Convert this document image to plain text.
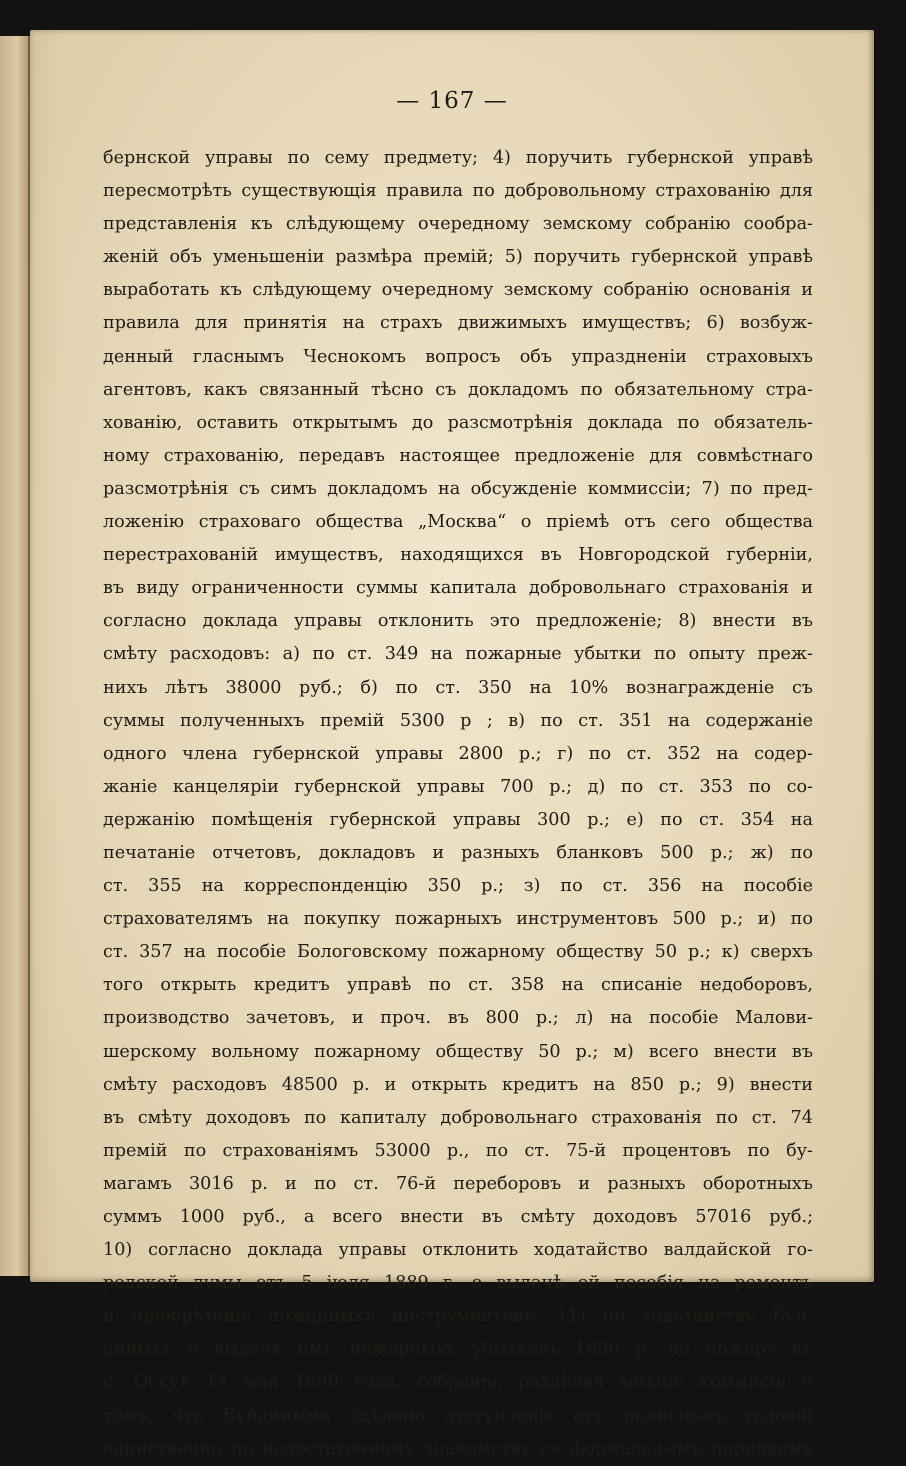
— 167 —

бернской управы по сему предмету; 4) поручить губернской управѣ
пересмотрѣть существующія правила по добровольному страхованію для
представленія къ слѣдующему очередному земскому собранію сообра-
женій объ уменьшеніи размѣра премій; 5) поручить губернской управѣ
выработать къ слѣдующему очередному земскому собранію основанія и
правила для принятія на страхъ движимыхъ имуществъ; 6) возбуж-
денный гласнымъ Чеснокомъ вопросъ объ упраздненіи страховыхъ
агентовъ, какъ связанный тѣсно съ докладомъ по обязательному стра-
хованію, оставить открытымъ до разсмотрѣнія доклада по обязатель-
ному страхованію, передавъ настоящее предложеніе для совмѣстнаго
разсмотрѣнія съ симъ докладомъ на обсужденіе коммиссіи; 7) по пред-
ложенію страховаго общества „Москва“ о пріемѣ отъ сего общества
перестрахованій имуществъ, находящихся въ Новгородской губерніи,
въ виду ограниченности суммы капитала добровольнаго страхованія и
согласно доклада управы отклонить это предложеніе; 8) внести въ
смѣту расходовъ: а) по ст. 349 на пожарные убытки по опыту преж-
нихъ лѣтъ 38000 руб.; б) по ст. 350 на 10% вознагражденіе съ
суммы полученныхъ премій 5300 р ; в) по ст. 351 на содержаніе
одного члена губернской управы 2800 р.; г) по ст. 352 на содер-
жаніе канцеляріи губернской управы 700 р.; д) по ст. 353 по со-
держанію помѣщенія губернской управы 300 р.; е) по ст. 354 на
печатаніе отчетовъ, докладовъ и разныхъ бланковъ 500 р.; ж) по
ст. 355 на корреспонденцію 350 р.; з) по ст. 356 на пособіе
страхователямъ на покупку пожарныхъ инструментовъ 500 р.; и) по
ст. 357 на пособіе Бологовскому пожарному обществу 50 р.; к) сверхъ
того открыть кредитъ управѣ по ст. 358 на списаніе недоборовъ,
производство зачетовъ, и проч. въ 800 р.; л) на пособіе Малови-
шерскому вольному пожарному обществу 50 р.; м) всего внести въ
смѣту расходовъ 48500 р. и открыть кредитъ на 850 р.; 9) внести
въ смѣту доходовъ по капиталу добровольнаго страхованія по ст. 74
премій по страхованіямъ 53000 р., по ст. 75-й процентовъ по бу-
магамъ 3016 р. и по ст. 76-й переборовъ и разныхъ оборотныхъ
суммъ 1000 руб., а всего внести въ смѣту доходовъ 57016 руб.;
10) согласно доклада управы отклонить ходатайство валдайской го-
родской думы отъ 5 іюля 1889 г. о выдачѣ ей пособія на ремонтъ
и пріобрѣтеніе пожарныхъ инструментовъ; 11) по ходатайству Буй-
диныхъ о выдачѣ имъ пожарныхъ убытковъ 1890 р. по пожару въ
с. Оскуѣ 14 мая 1890 года, собраніе, раздѣляя мнѣніе коммисіи о
томъ, что Буйдиными сдѣлано отступленіе отъ полисныхъ условій
единственно по недостаточному знакомству съ формальнымъ порядкомъ
